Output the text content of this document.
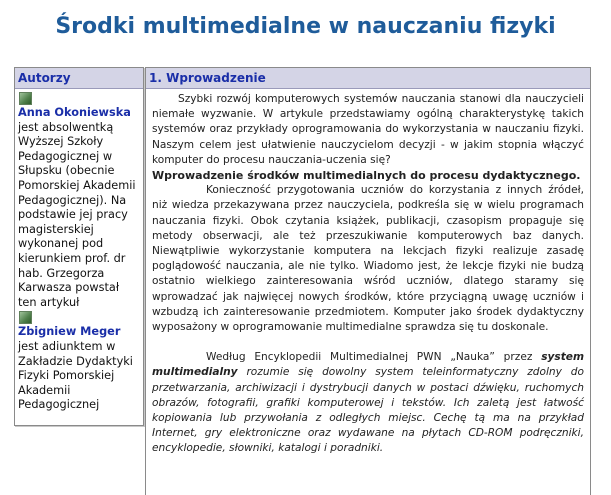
Środki multimedialne w nauczaniu fizyki
Autorzy
Anna Okoniewska jest absolwentką Wyższej Szkoły Pedagogicznej w Słupsku (obecnie Pomorskiej Akademii Pedagogicznej). Na podstawie jej pracy magisterskiej wykonanej pod kierunkiem prof. dr hab. Grzegorza Karwasza powstał ten artykuł
Zbigniew Meger jest adiunktem w Zakładzie Dydaktyki Fizyki Pomorskiej Akademii Pedagogicznej
1. Wprowadzenie

Szybki rozwój komputerowych systemów nauczania stanowi dla nauczycieli niemałe wyzwanie. W artykule przedstawiamy ogólną charakterystykę takich systemów oraz przykłady oprogramowania do wykorzystania w nauczaniu fizyki. Naszym celem jest ułatwienie nauczycielom decyzji - w jakim stopnia włączyć komputer do procesu nauczania-uczenia się?

Wprowadzenie środków multimedialnych do procesu dydaktycznego.

Konieczność przygotowania uczniów do korzystania z innych źródeł, niż wiedza przekazywana przez nauczyciela, podkreśla się w wielu programach nauczania fizyki. Obok czytania książek, publikacji, czasopism propaguje się metody obserwacji, ale też przeszukiwanie komputerowych baz danych. Niewątpliwie wykorzystanie komputera na lekcjach fizyki realizuje zasadę poglądowość nauczania, ale nie tylko. Wiadomo jest, że lekcje fizyki nie budzą ostatnio wielkiego zainteresowania wśród uczniów, dlatego staramy się wprowadzać jak najwięcej nowych środków, które przyciągną uwagę uczniów i wzbudzą ich zainteresowanie przedmiotem. Komputer jako środek dydaktyczny wyposażony w oprogramowanie multimedialne sprawdza się tu doskonale.

Według Encyklopedii Multimedialnej PWN „Nauka” przez system multimedialny rozumie się dowolny system teleinformatyczny zdolny do przetwarzania, archiwizacji i dystrybucji danych w postaci dźwięku, ruchomych obrazów, fotografii, grafiki komputerowej i tekstów. Ich zaletą jest łatwość kopiowania lub przywołania z odległych miejsc. Cechę tą ma na przykład Internet, gry elektroniczne oraz wydawane na płytach CD-ROM podręczniki, encyklopedie, słowniki, katalogi i poradniki.
